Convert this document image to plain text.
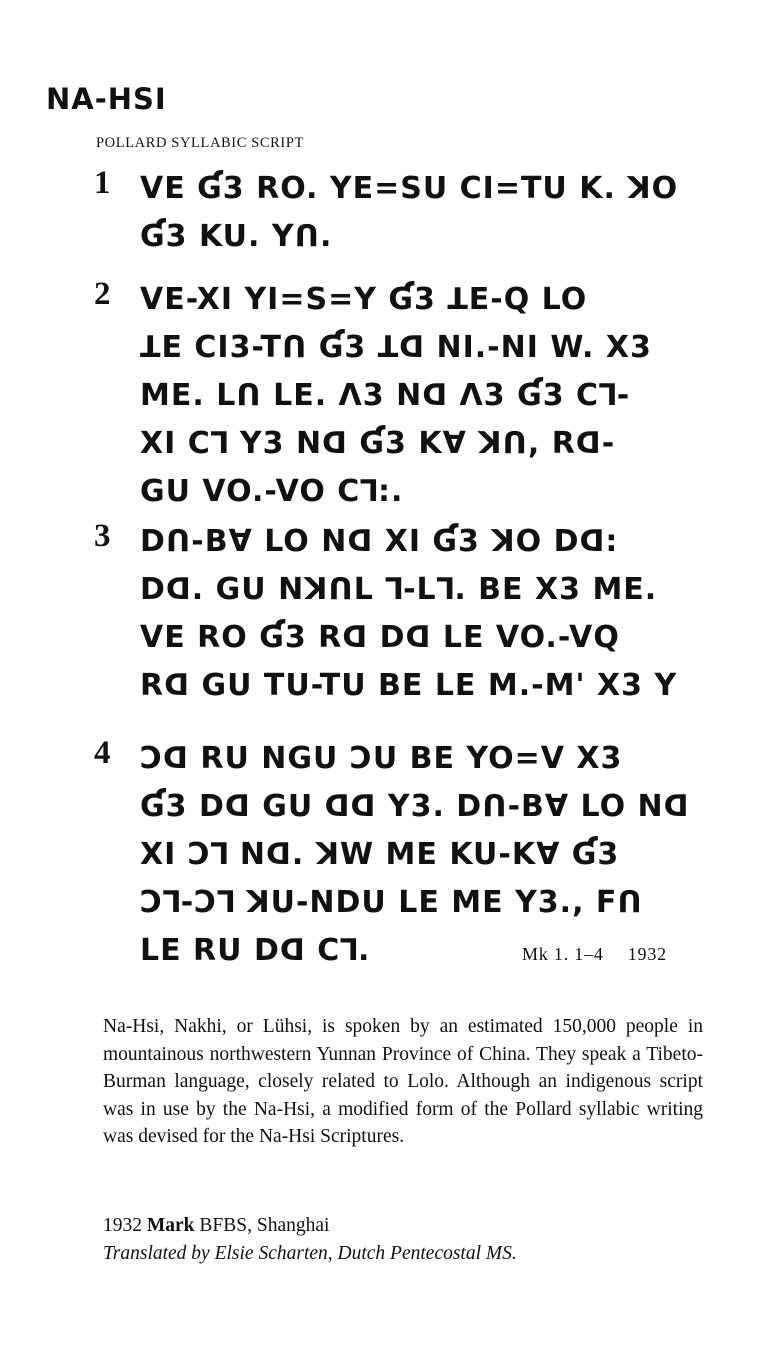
NA-HSI
POLLARD SYLLABIC SCRIPT
1 VE Ɠ3 RO. YE=SU CI=TU K. ꓘO
Ɠ3 KU. Yꓵ.
2 VE-XI YI=S=Y Ɠ3 ꓕE-Q LO
ꓕE CI3-Tꓵ Ɠ3 ꓕꓷ NI.-NI W. X3
ME. Lꓵ LE. Λ3 Nꓷ Λ3 Ɠ3 Cꓶ-
XI Cꓶ Y3 Nꓷ Ɠ3 KⱯ ꓘꓵ, Rꓷ-
GU VO.-VO Cꓶ:.
3 Dꓵ-BⱯ LO Nꓷ XI Ɠ3 ꓘO Dꓷ:
Dꓷ. GU NꓘꓵL ꓶ-Lꓶ. BE X3 ME.
VE RO Ɠ3 Rꓷ Dꓷ LE VO.-VQ
Rꓷ GU TU-TU BE LE M.-M' X3 Y
4 Ɔꓷ RU NGU ƆU BE YO=V X3
Ɠ3 Dꓷ GU ꓷꓷ Y3. Dꓵ-BⱯ LO Nꓷ
XI Ɔꓶ Nꓷ. ꓘW ME KU-KⱯ Ɠ3
Ɔꓶ-Ɔꓶ ꓘU-NDU LE ME Y3., Fꓵ
LE RU Dꓷ Cꓶ.	Mk 1. 1–4 1932
Na-Hsi, Nakhi, or Lühsi, is spoken by an estimated 150,000 people in mountainous northwestern Yunnan Province of China. They speak a Tibeto-Burman language, closely related to Lolo. Although an indigenous script was in use by the Na-Hsi, a modified form of the Pollard syllabic writing was devised for the Na-Hsi Scriptures.
1932 Mark BFBS, Shanghai
Translated by Elsie Scharten, Dutch Pentecostal MS.
